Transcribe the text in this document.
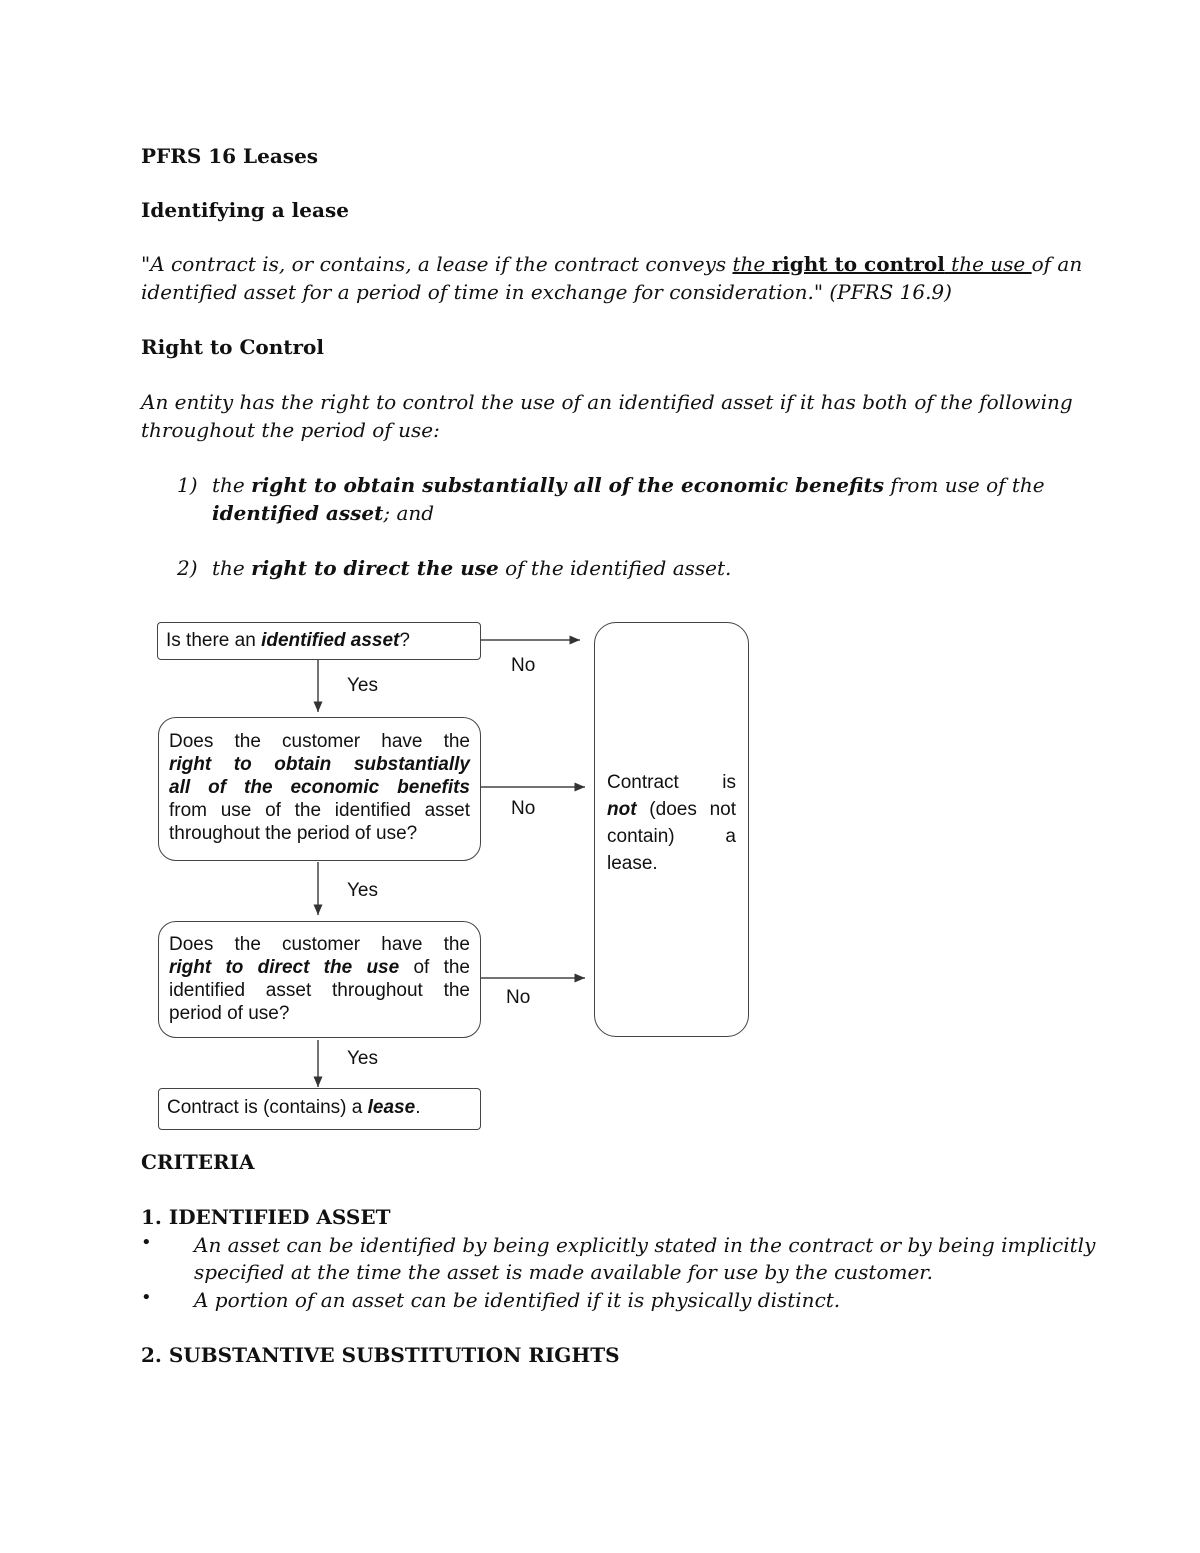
PFRS 16 Leases
Identifying a lease
"A contract is, or contains, a lease if the contract conveys the right to control the use of an
identified asset for a period of time in exchange for consideration." (PFRS 16.9)
Right to Control
An entity has the right to control the use of an identified asset if it has both of the following
throughout the period of use:
1) the right to obtain substantially all of the economic benefits from use of the
identified asset; and
2) the right to direct the use of the identified asset.
Is there an identified asset?
Does the customer have the
right to obtain substantially
all of the economic benefits
from use of the identified asset
throughout the period of use?
Does the customer have the
right to direct the use of the
identified asset throughout the
period of use?
Contract is (contains) a lease.
Contract is
not (does not
contain) a
lease.
No
Yes
No
Yes
No
Yes
CRITERIA
1. IDENTIFIED ASSET
• An asset can be identified by being explicitly stated in the contract or by being implicitly
specified at the time the asset is made available for use by the customer.
• A portion of an asset can be identified if it is physically distinct.
2. SUBSTANTIVE SUBSTITUTION RIGHTS
